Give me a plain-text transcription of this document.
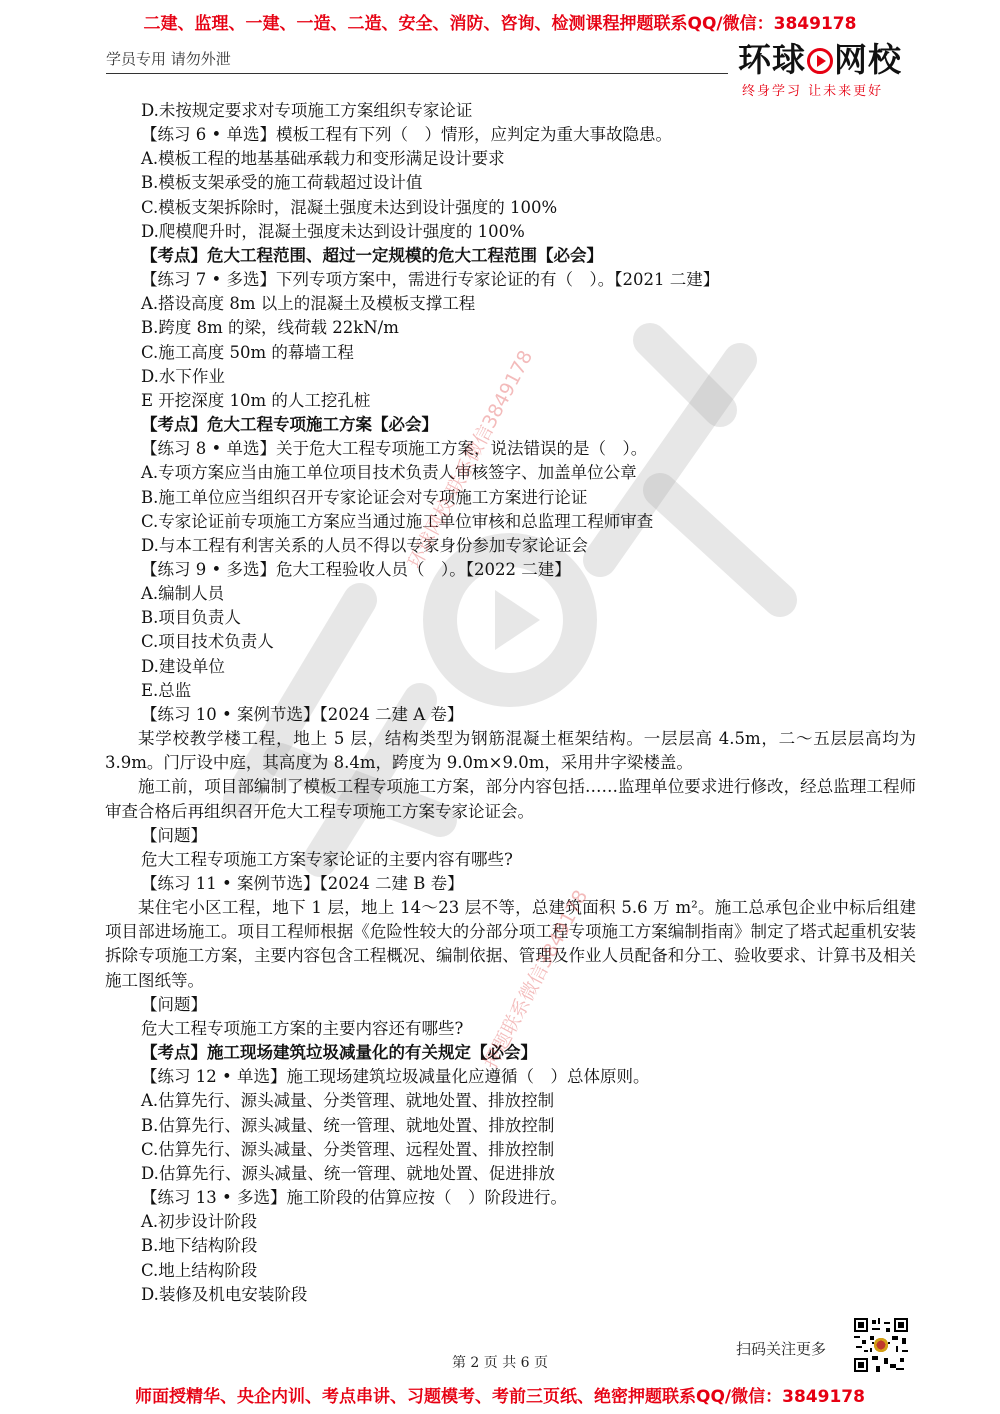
二建、监理、一建、一造、二造、安全、消防、咨询、检测课程押题联系QQ/微信：3849178
学员专用 请勿外泄	环球 网校
终身学习 让未来更好
D.未按规定要求对专项施工方案组织专家论证
【练习 6 • 单选】模板工程有下列（　）情形，应判定为重大事故隐患。
A.模板工程的地基基础承载力和变形满足设计要求
B.模板支架承受的施工荷载超过设计值
C.模板支架拆除时，混凝土强度未达到设计强度的 100%
D.爬模爬升时，混凝土强度未达到设计强度的 100%
【考点】危大工程范围、超过一定规模的危大工程范围【必会】
【练习 7 • 多选】下列专项方案中，需进行专家论证的有（　）。【2021 二建】
A.搭设高度 8m 以上的混凝土及模板支撑工程
B.跨度 8m 的梁，线荷载 22kN/m
C.施工高度 50m 的幕墙工程
D.水下作业
E 开挖深度 10m 的人工挖孔桩
【考点】危大工程专项施工方案【必会】
【练习 8 • 单选】关于危大工程专项施工方案，说法错误的是（　）。
A.专项方案应当由施工单位项目技术负责人审核签字、加盖单位公章
B.施工单位应当组织召开专家论证会对专项施工方案进行论证
C.专家论证前专项施工方案应当通过施工单位审核和总监理工程师审查
D.与本工程有利害关系的人员不得以专家身份参加专家论证会
【练习 9 • 多选】危大工程验收人员（　）。【2022 二建】
A.编制人员
B.项目负责人
C.项目技术负责人
D.建设单位
E.总监
【练习 10 • 案例节选】【2024 二建 A 卷】
某学校教学楼工程，地上 5 层，结构类型为钢筋混凝土框架结构。一层层高 4.5m，二～五层层高均为 3.9m。门厅设中庭，其高度为 8.4m，跨度为 9.0m×9.0m，采用井字梁楼盖。
施工前，项目部编制了模板工程专项施工方案，部分内容包括……监理单位要求进行修改，经总监理工程师审查合格后再组织召开危大工程专项施工方案专家论证会。
【问题】
危大工程专项施工方案专家论证的主要内容有哪些?
【练习 11 • 案例节选】【2024 二建 B 卷】
某住宅小区工程，地下 1 层，地上 14～23 层不等，总建筑面积 5.6 万 m²。施工总承包企业中标后组建项目部进场施工。项目工程师根据《危险性较大的分部分项工程专项施工方案编制指南》制定了塔式起重机安装拆除专项施工方案，主要内容包含工程概况、编制依据、管理及作业人员配备和分工、验收要求、计算书及相关施工图纸等。
【问题】
危大工程专项施工方案的主要内容还有哪些?
【考点】施工现场建筑垃圾减量化的有关规定【必会】
【练习 12 • 单选】施工现场建筑垃圾减量化应遵循（　）总体原则。
A.估算先行、源头减量、分类管理、就地处置、排放控制
B.估算先行、源头减量、统一管理、就地处置、排放控制
C.估算先行、源头减量、分类管理、远程处置、排放控制
D.估算先行、源头减量、统一管理、就地处置、促进排放
【练习 13 • 多选】施工阶段的估算应按（　）阶段进行。
A.初步设计阶段
B.地下结构阶段
C.地上结构阶段
D.装修及机电安装阶段
环球网校-联系微信3849178
押题联系微信3849178
扫码关注更多
第 2 页 共 6 页
师面授精华、央企内训、考点串讲、习题模考、考前三页纸、绝密押题联系QQ/微信：3849178
